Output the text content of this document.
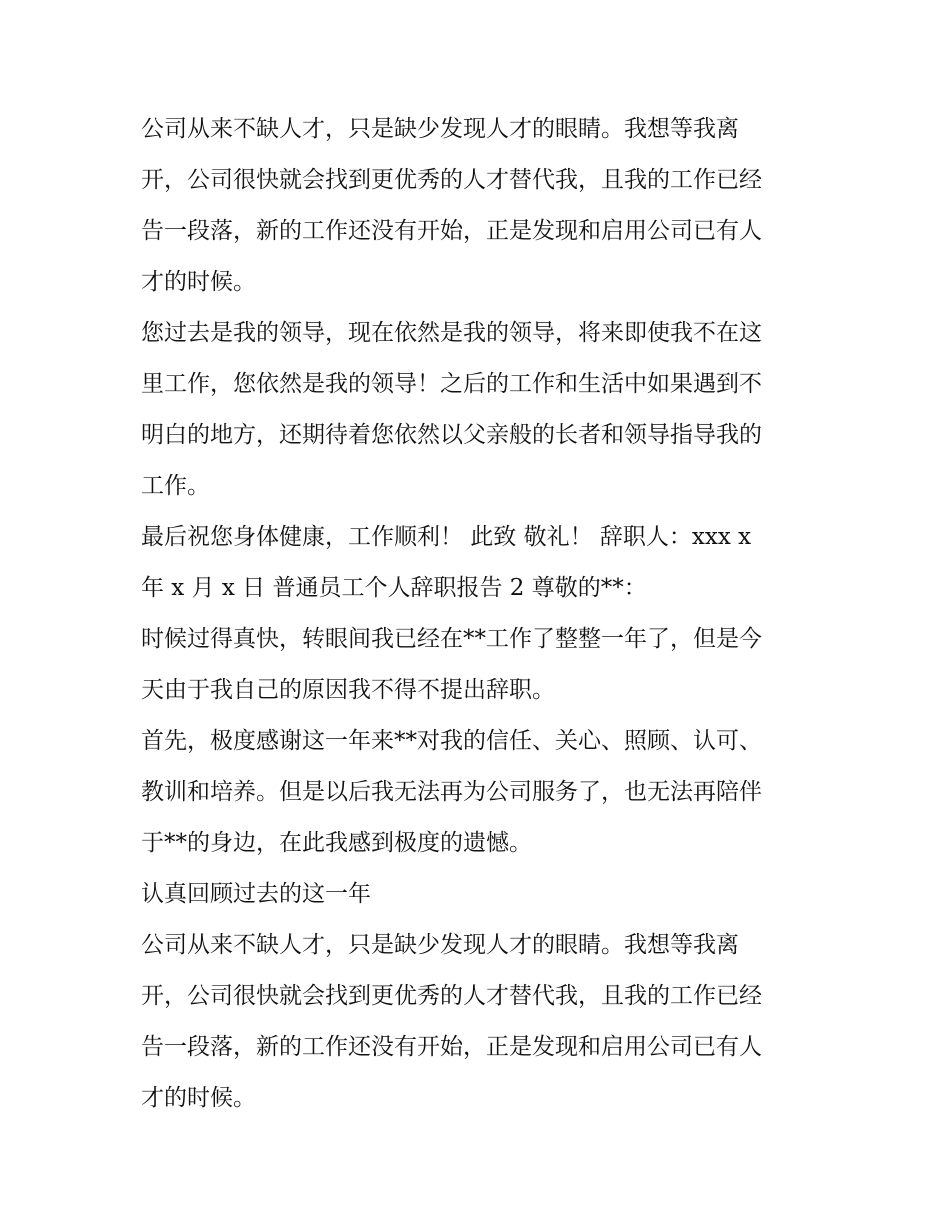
公司从来不缺人才，只是缺少发现人才的眼睛。我想等我离
开，公司很快就会找到更优秀的人才替代我，且我的工作已经
告一段落，新的工作还没有开始，正是发现和启用公司已有人
才的时候。
您过去是我的领导，现在依然是我的领导，将来即使我不在这
里工作，您依然是我的领导！之后的工作和生活中如果遇到不
明白的地方，还期待着您依然以父亲般的长者和领导指导我的
工作。
最后祝您身体健康，工作顺利！ 此致 敬礼！ 辞职人：xxx x
年 x 月 x 日 普通员工个人辞职报告 2 尊敬的**：
时候过得真快，转眼间我已经在**工作了整整一年了，但是今
天由于我自己的原因我不得不提出辞职。
首先，极度感谢这一年来**对我的信任、关心、照顾、认可、
教训和培养。但是以后我无法再为公司服务了，也无法再陪伴
于**的身边，在此我感到极度的遗憾。
认真回顾过去的这一年
公司从来不缺人才，只是缺少发现人才的眼睛。我想等我离
开，公司很快就会找到更优秀的人才替代我，且我的工作已经
告一段落，新的工作还没有开始，正是发现和启用公司已有人
才的时候。
